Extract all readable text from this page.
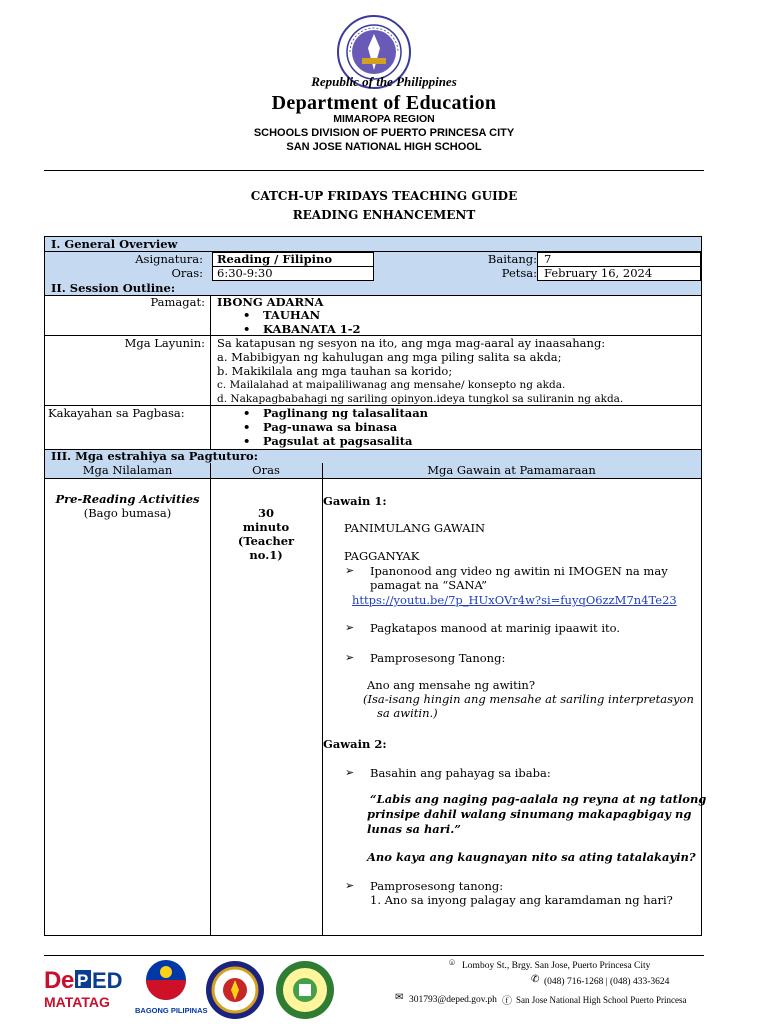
Republic of the Philippines
Department of Education
MIMAROPA REGION
SCHOOLS DIVISION OF PUERTO PRINCESA CITY
SAN JOSE NATIONAL HIGH SCHOOL
CATCH-UP FRIDAYS TEACHING GUIDE
READING ENHANCEMENT
I. General Overview
Asignatura: Reading / Filipino	Baitang: 7
Oras: 6:30-9:30	Petsa: February 16, 2024
II. Session Outline:
Pamagat: IBONG ADARNA
• TAUHAN
• KABANATA 1-2
Mga Layunin: Sa katapusan ng sesyon na ito, ang mga mag-aaral ay inaasahang:
a. Mabibigyan ng kahulugan ang mga piling salita sa akda;
b. Makikilala ang mga tauhan sa korido;
c. Mailalahad at maipaliliwanag ang mensahe/ konsepto ng akda.
d. Nakapagbabahagi ng sariling opinyon.ideya tungkol sa suliranin ng akda.
Kakayahan sa Pagbasa:
•	Paglinang ng talasalitaan
• Pag-unawa sa binasa
• Pagsulat at pagsasalita
III. Mga estrahiya sa Pagtuturo:
Mga Nilalaman	Oras	Mga Gawain at Pamamaraan
Pre-Reading Activities
(Bago bumasa)	30
minuto
(Teacher
no.1)
Gawain 1:
PANIMULANG GAWAIN
PAGGANYAK
➢ Ipanonood ang video ng awitin ni IMOGEN na may
pamagat na “SANA”
https://youtu.be/7p_HUxOVr4w?si=fuyqO6zzM7n4Te23
➢ Pagkatapos manood at marinig ipaawit ito.
➢ Pamprosesong Tanong:
Ano ang mensahe ng awitin?
(Isa-isang hingin ang mensahe at sariling interpretasyon
sa awitin.)
Gawain 2:
➢ Basahin ang pahayag sa ibaba:
“Labis ang naging pag-aalala ng reyna at ng tatlong
prinsipe dahil walang sinumang makapagbigay ng
lunas sa hari.”
Ano kaya ang kaugnayan nito sa ating tatalakayin?
➢ Pamprosesong tanong:
1. Ano sa inyong palagay ang karamdaman ng hari?
D e P ED
MATATAG
BAGONG PILIPINAS
⌾ Lomboy St., Brgy. San Jose, Puerto Princesa City
✆ (048) 716-1268 | (048) 433-3624
✉ 301793@deped.gov.ph ⓕ San Jose National High School Puerto Princesa
